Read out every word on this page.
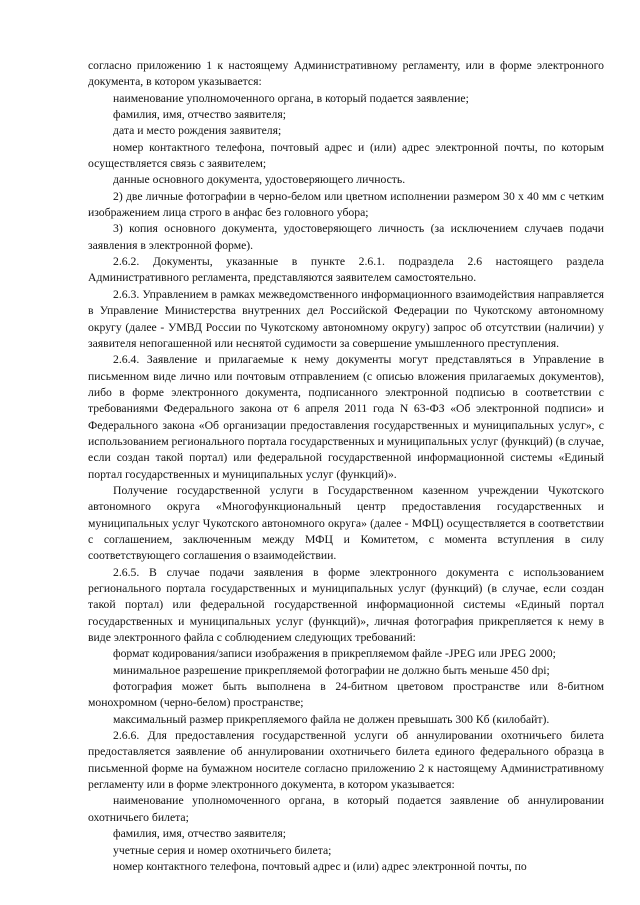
согласно приложению 1 к настоящему Административному регламенту, или в форме электронного документа, в котором указывается:

наименование уполномоченного органа, в который подается заявление;

фамилия, имя, отчество заявителя;

дата и место рождения заявителя;

номер контактного телефона, почтовый адрес и (или) адрес электронной почты, по которым осуществляется связь с заявителем;

данные основного документа, удостоверяющего личность.

2) две личные фотографии в черно-белом или цветном исполнении размером 30 х 40 мм с четким изображением лица строго в анфас без головного убора;

3) копия основного документа, удостоверяющего личность (за исключением случаев подачи заявления в электронной форме).

2.6.2. Документы, указанные в пункте 2.6.1. подраздела 2.6 настоящего раздела Административного регламента, представляются заявителем самостоятельно.

2.6.3. Управлением в рамках межведомственного информационного взаимодействия направляется в Управление Министерства внутренних дел Российской Федерации по Чукотскому автономному округу (далее - УМВД России по Чукотскому автономному округу) запрос об отсутствии (наличии) у заявителя непогашенной или неснятой судимости за совершение умышленного преступления.

2.6.4. Заявление и прилагаемые к нему документы могут представляться в Управление в письменном виде лично или почтовым отправлением (с описью вложения прилагаемых документов), либо в форме электронного документа, подписанного электронной подписью в соответствии с требованиями Федерального закона от 6 апреля 2011 года N 63-ФЗ «Об электронной подписи» и Федерального закона «Об организации предоставления государственных и муниципальных услуг», с использованием регионального портала государственных и муниципальных услуг (функций) (в случае, если создан такой портал) или федеральной государственной информационной системы «Единый портал государственных и муниципальных услуг (функций)».

Получение государственной услуги в Государственном казенном учреждении Чукотского автономного округа «Многофункциональный центр предоставления государственных и муниципальных услуг Чукотского автономного округа» (далее - МФЦ) осуществляется в соответствии с соглашением, заключенным между МФЦ и Комитетом, с момента вступления в силу соответствующего соглашения о взаимодействии.

2.6.5. В случае подачи заявления в форме электронного документа с использованием регионального портала государственных и муниципальных услуг (функций) (в случае, если создан такой портал) или федеральной государственной информационной системы «Единый портал государственных и муниципальных услуг (функций)», личная фотография прикрепляется к нему в виде электронного файла с соблюдением следующих требований:

формат кодирования/записи изображения в прикрепляемом файле -JPEG или JPEG 2000;

минимальное разрешение прикрепляемой фотографии не должно быть меньше 450 dpi;

фотография может быть выполнена в 24-битном цветовом пространстве или 8-битном монохромном (черно-белом) пространстве;

максимальный размер прикрепляемого файла не должен превышать 300 Кб (килобайт).

2.6.6. Для предоставления государственной услуги об аннулировании охотничьего билета предоставляется заявление об аннулировании охотничьего билета единого федерального образца в письменной форме на бумажном носителе согласно приложению 2 к настоящему Административному регламенту или в форме электронного документа, в котором указывается:

наименование уполномоченного органа, в который подается заявление об аннулировании охотничьего билета;

фамилия, имя, отчество заявителя;

учетные серия и номер охотничьего билета;

номер контактного телефона, почтовый адрес и (или) адрес электронной почты, по
